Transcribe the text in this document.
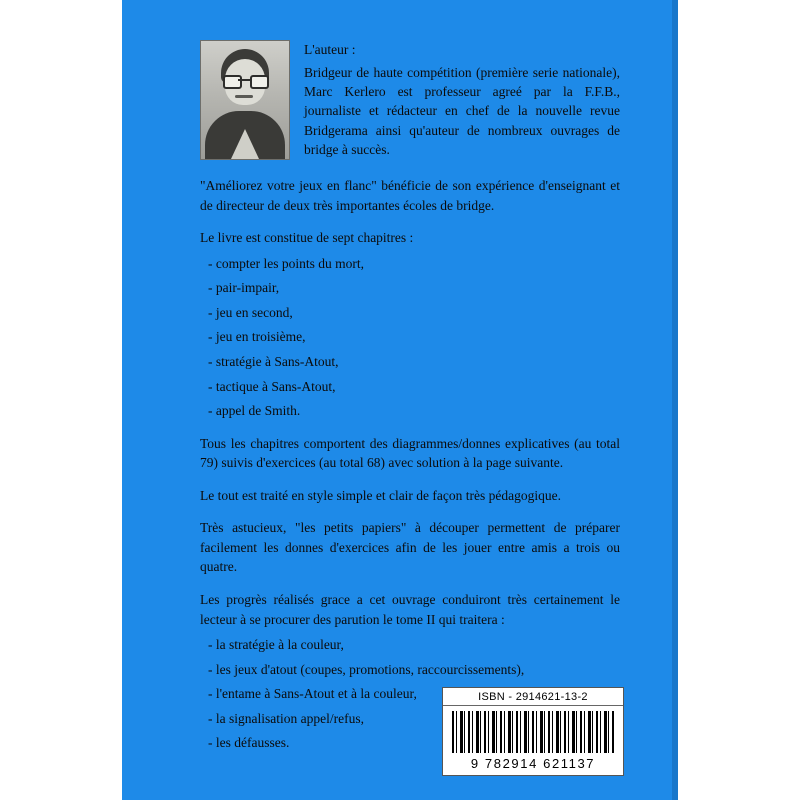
L'auteur :

Bridgeur de haute compétition (première serie nationale), Marc Kerlero est professeur agreé par la F.F.B., journaliste et rédacteur en chef de la nouvelle revue Bridgerama ainsi qu'auteur de nombreux ouvrages de bridge à succès.

"Améliorez votre jeux en flanc" bénéficie de son expérience d'enseignant et de directeur de deux très importantes écoles de bridge.

Le livre est constitue de sept chapitres :

- compter les points du mort,
- pair-impair,
- jeu en second,
- jeu en troisième,
- stratégie à Sans-Atout,
- tactique à Sans-Atout,
- appel de Smith.

Tous les chapitres comportent des diagrammes/donnes explicatives (au total 79) suivis d'exercices (au total 68) avec solution à la page suivante.

Le tout est traité en style simple et clair de façon très pédagogique.

Très astucieux, "les petits papiers" à découper permettent de préparer facilement les donnes d'exercices afin de les jouer entre amis a trois ou quatre.

Les progrès réalisés grace a cet ouvrage conduiront très certainement le lecteur à se procurer des parution le tome II qui traitera :

- la stratégie à la couleur,
- les jeux d'atout (coupes, promotions, raccourcissements),
- l'entame à Sans-Atout et à la couleur,
- la signalisation appel/refus,
- les défausses.
ISBN - 2914621-13-2
9 782914 621137
